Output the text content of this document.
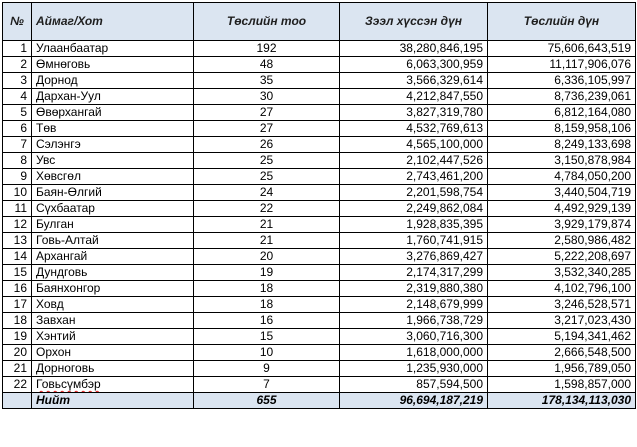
№	Аймаг/Хот	Төслийн тоо	Зээл хүссэн дүн	Төслийн дүн
1	Улаанбаатар	192	38,280,846,195	75,606,643,519
2	Өмнөговь	48	6,063,300,959	11,117,906,076
3	Дорнод	35	3,566,329,614	6,336,105,997
4	Дархан-Уул	30	4,212,847,550	8,736,239,061
5	Өвөрхангай	27	3,827,319,780	6,812,164,080
6	Төв	27	4,532,769,613	8,159,958,106
7	Сэлэнгэ	26	4,565,100,000	8,249,133,698
8	Увс	25	2,102,447,526	3,150,878,984
9	Хөвсгөл	25	2,743,461,200	4,784,050,200
10	Баян-Өлгий	24	2,201,598,754	3,440,504,719
11	Сүхбаатар	22	2,249,862,084	4,492,929,139
12	Булган	21	1,928,835,395	3,929,179,874
13	Говь-Алтай	21	1,760,741,915	2,580,986,482
14	Архангай	20	3,276,869,427	5,222,208,697
15	Дундговь	19	2,174,317,299	3,532,340,285
16	Баянхонгор	18	2,319,880,380	4,102,796,100
17	Ховд	18	2,148,679,999	3,246,528,571
18	Завхан	16	1,966,738,729	3,217,023,430
19	Хэнтий	15	3,060,716,300	5,194,341,462
20	Орхон	10	1,618,000,000	2,666,548,500
21	Дорноговь	9	1,235,930,000	1,956,789,050
22	Говьсүмбэр	7	857,594,500	1,598,857,000
	Нийт	655	96,694,187,219	178,134,113,030
